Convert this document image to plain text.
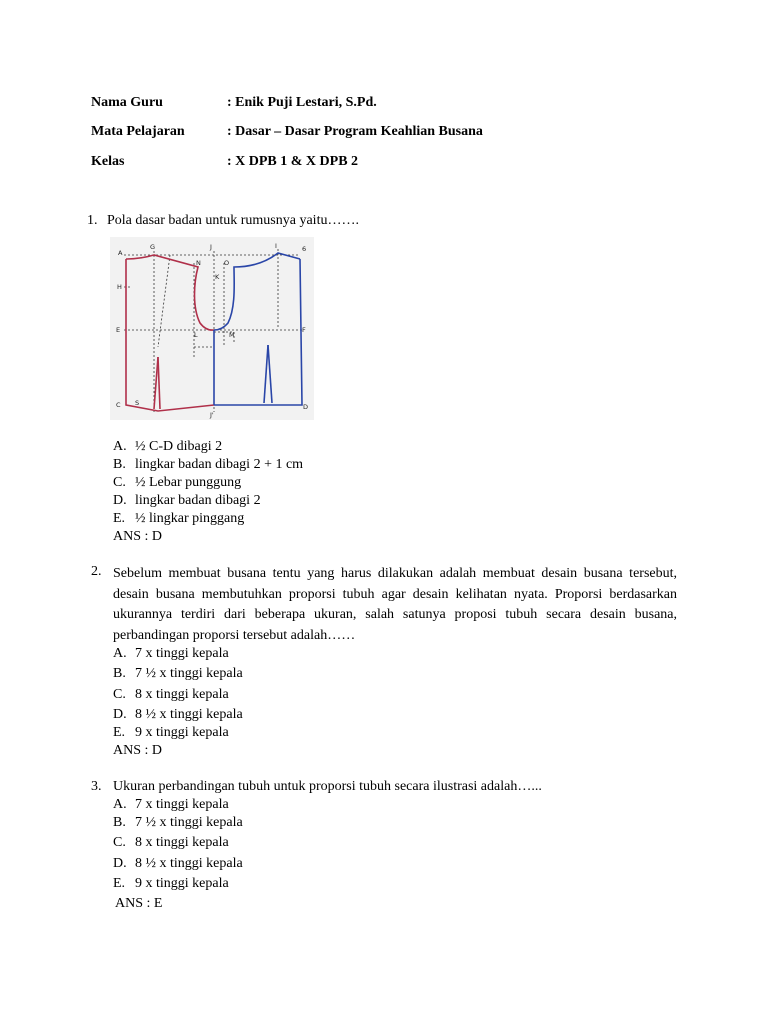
Nama Guru	: Enik Puji Lestari, S.Pd.
Mata Pelajaran	: Dasar – Dasar Program Keahlian Busana
Kelas	: X DPB 1 & X DPB 2
1. Pola dasar badan untuk rumusnya yaitu…….
A
G	J	I	6
H
N	O
K
E
L	M
F
C S
J'
D
A. ½ C-D dibagi 2
B. lingkar badan dibagi 2 + 1 cm
C. ½ Lebar punggung
D. lingkar badan dibagi 2
E. ½ lingkar pinggang
ANS : D
2. Sebelum membuat busana tentu yang harus dilakukan adalah membuat desain busana tersebut, desain busana membutuhkan proporsi tubuh agar desain kelihatan nyata. Proporsi berdasarkan ukurannya terdiri dari beberapa ukuran, salah satunya proposi tubuh secara desain busana, perbandingan proporsi tersebut adalah……
A. 7 x tinggi kepala
B. 7 ½ x tinggi kepala
C. 8 x tinggi kepala
D. 8 ½ x tinggi kepala
E. 9 x tinggi kepala
ANS : D
3. Ukuran perbandingan tubuh untuk proporsi tubuh secara ilustrasi adalah…...
A. 7 x tinggi kepala
B. 7 ½ x tinggi kepala
C. 8 x tinggi kepala
D. 8 ½ x tinggi kepala
E. 9 x tinggi kepala
ANS : E
